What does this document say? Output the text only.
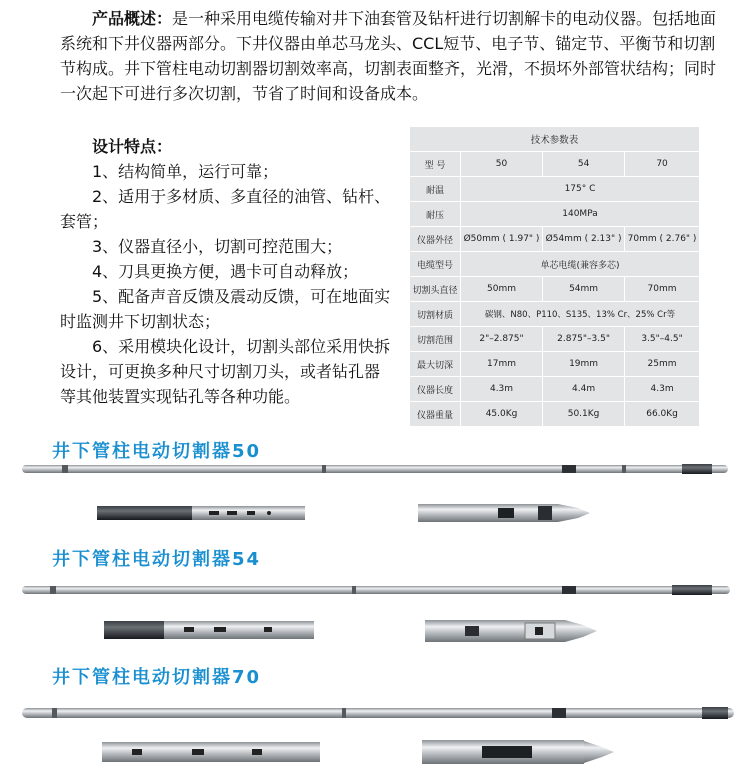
产品概述：是一种采用电缆传输对井下油套管及钻杆进行切割解卡的电动仪器。包括地面系统和下井仪器两部分。下井仪器由单芯马龙头、CCL短节、电子节、锚定节、平衡节和切割节构成。井下管柱电动切割器切割效率高，切割表面整齐，光滑，不损坏外部管状结构；同时一次起下可进行多次切割，节省了时间和设备成本。

设计特点：

1、结构简单，运行可靠；

2、适用于多材质、多直径的油管、钻杆、套管；

3、仪器直径小，切割可控范围大；

4、刀具更换方便，遇卡可自动释放；

5、配备声音反馈及震动反馈，可在地面实时监测井下切割状态；

6、采用模块化设计，切割头部位采用快拆设计，可更换多种尺寸切割刀头，或者钻孔器等其他装置实现钻孔等各种功能。

技术参数表			
型 号	50	54	70
耐温	175° C		
耐压	140MPa		
仪器外径	Ø50mm ( 1.97" )	Ø54mm ( 2.13" )	70mm ( 2.76" )
电缆型号	单芯电缆(兼容多芯)		
切割头直径	50mm	54mm	70mm
切割材质	碳钢、N80、P110、S135、13% Cr、25% Cr等		
切割范围	2"–2.875"	2.875"–3.5"	3.5"–4.5"
最大切深	17mm	19mm	25mm
仪器长度	4.3m	4.4m	4.3m
仪器重量	45.0Kg	50.1Kg	66.0Kg

井下管柱电动切割器50

井下管柱电动切割器54

井下管柱电动切割器70
